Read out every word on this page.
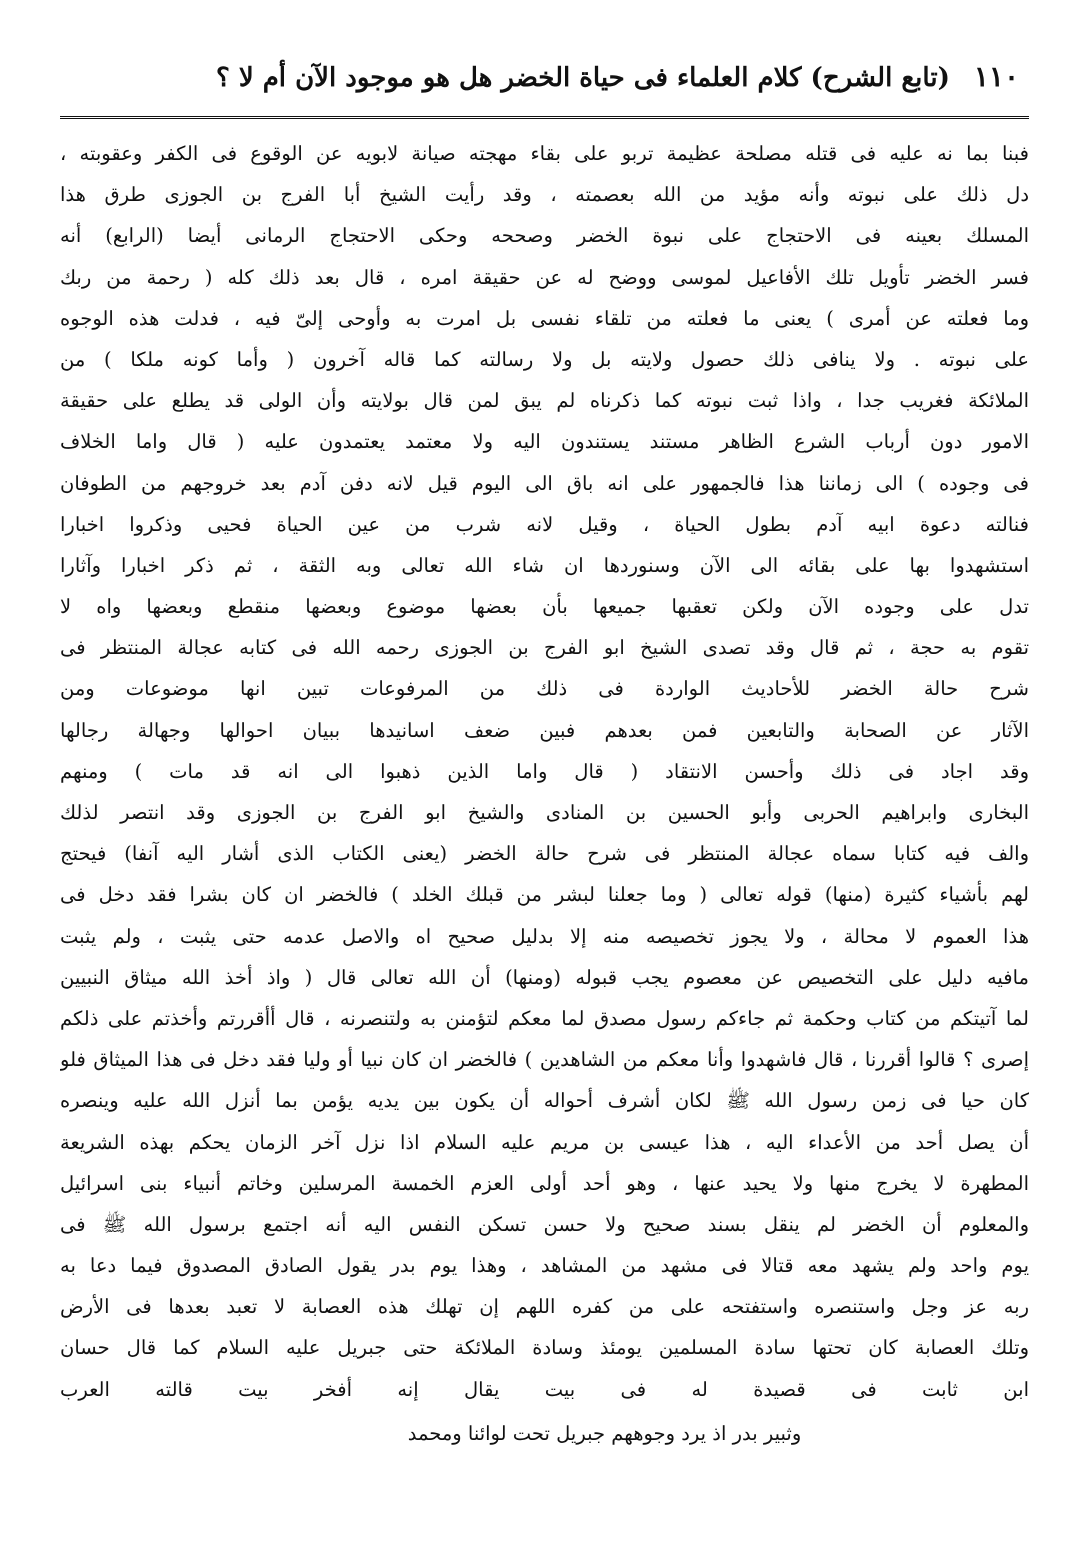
١١٠
(تابع الشرح) كلام العلماء فى حياة الخضر هل هو موجود الآن أم لا ؟
فبنا بما نه عليه فى قتله مصلحة عظيمة تربو على بقاء مهجته صيانة لابويه عن الوقوع فى الكفر وعقوبته ،
دل ذلك على نبوته وأنه مؤيد من الله بعصمته ، وقد رأيت الشيخ أبا الفرج بن الجوزى طرق هذا
المسلك بعينه فى الاحتجاج على نبوة الخضر وصححه وحكى الاحتجاج الرمانى أيضا (الرابع) أنه
فسر الخضر تأويل تلك الأفاعيل لموسى ووضح له عن حقيقة امره ، قال بعد ذلك كله ( رحمة من ربك
وما فعلته عن أمرى ) يعنى ما فعلته من تلقاء نفسى بل امرت به وأوحى إلىّ فيه ، فدلت هذه الوجوه
على نبوته . ولا ينافى ذلك حصول ولايته بل ولا رسالته كما قاله آخرون ( وأما كونه ملكا ) من
الملائكة فغريب جدا ، واذا ثبت نبوته كما ذكرناه لم يبق لمن قال بولايته وأن الولى قد يطلع على حقيقة
الامور دون أرباب الشرع الظاهر مستند يستندون اليه ولا معتمد يعتمدون عليه ( قال واما الخلاف
فى وجوده ) الى زماننا هذا فالجمهور على انه باق الى اليوم قيل لانه دفن آدم بعد خروجهم من الطوفان
فنالته دعوة ابيه آدم بطول الحياة ، وقيل لانه شرب من عين الحياة فحيى وذكروا اخبارا
استشهدوا بها على بقائه الى الآن وسنوردها ان شاء الله تعالى وبه الثقة ، ثم ذكر اخبارا وآثارا
تدل على وجوده الآن ولكن تعقبها جميعها بأن بعضها موضوع وبعضها منقطع وبعضها واه لا
تقوم به حجة ، ثم قال وقد تصدى الشيخ ابو الفرج بن الجوزى رحمه الله فى كتابه عجالة المنتظر فى
شرح حالة الخضر للأحاديث الواردة فى ذلك من المرفوعات تبين انها موضوعات ومن
الآثار عن الصحابة والتابعين فمن بعدهم فبين ضعف اسانيدها ببيان احوالها وجهالة رجالها
وقد اجاد فى ذلك وأحسن الانتقاد ( قال واما الذين ذهبوا الى انه قد مات ) ومنهم
البخارى وابراهيم الحربى وأبو الحسين بن المنادى والشيخ ابو الفرج بن الجوزى وقد انتصر لذلك
والف فيه كتابا سماه عجالة المنتظر فى شرح حالة الخضر (يعنى الكتاب الذى أشار اليه آنفا) فيحتج
لهم بأشياء كثيرة (منها) قوله تعالى ( وما جعلنا لبشر من قبلك الخلد ) فالخضر ان كان بشرا فقد دخل فى
هذا العموم لا محالة ، ولا يجوز تخصيصه منه إلا بدليل صحيح اه والاصل عدمه حتى يثبت ، ولم يثبت
مافيه دليل على التخصيص عن معصوم يجب قبوله (ومنها) أن الله تعالى قال ( واذ أخذ الله ميثاق النبيين
لما آتيتكم من كتاب وحكمة ثم جاءكم رسول مصدق لما معكم لتؤمنن به ولتنصرنه ، قال أأقررتم وأخذتم على ذلكم
إصرى ؟ قالوا أقررنا ، قال فاشهدوا وأنا معكم من الشاهدين ) فالخضر ان كان نبيا أو وليا فقد دخل فى هذا الميثاق فلو
كان حيا فى زمن رسول الله ﷺ لكان أشرف أحواله أن يكون بين يديه يؤمن بما أنزل الله عليه وينصره
أن يصل أحد من الأعداء اليه ، هذا عيسى بن مريم عليه السلام اذا نزل آخر الزمان يحكم بهذه الشريعة
المطهرة لا يخرج منها ولا يحيد عنها ، وهو أحد أولى العزم الخمسة المرسلين وخاتم أنبياء بنى اسرائيل
والمعلوم أن الخضر لم ينقل بسند صحيح ولا حسن تسكن النفس اليه أنه اجتمع برسول الله ﷺ فى
يوم واحد ولم يشهد معه قتالا فى مشهد من المشاهد ، وهذا يوم بدر يقول الصادق المصدوق فيما دعا به
ربه عز وجل واستنصره واستفتحه على من كفره اللهم إن تهلك هذه العصابة لا تعبد بعدها فى الأرض
وتلك العصابة كان تحتها سادة المسلمين يومئذ وسادة الملائكة حتى جبريل عليه السلام كما قال حسان
ابن ثابت فى قصيدة له فى بيت يقال إنه أفخر بيت قالته العرب
وثبير بدر اذ يرد وجوههم جبريل تحت لوائنا ومحمد
